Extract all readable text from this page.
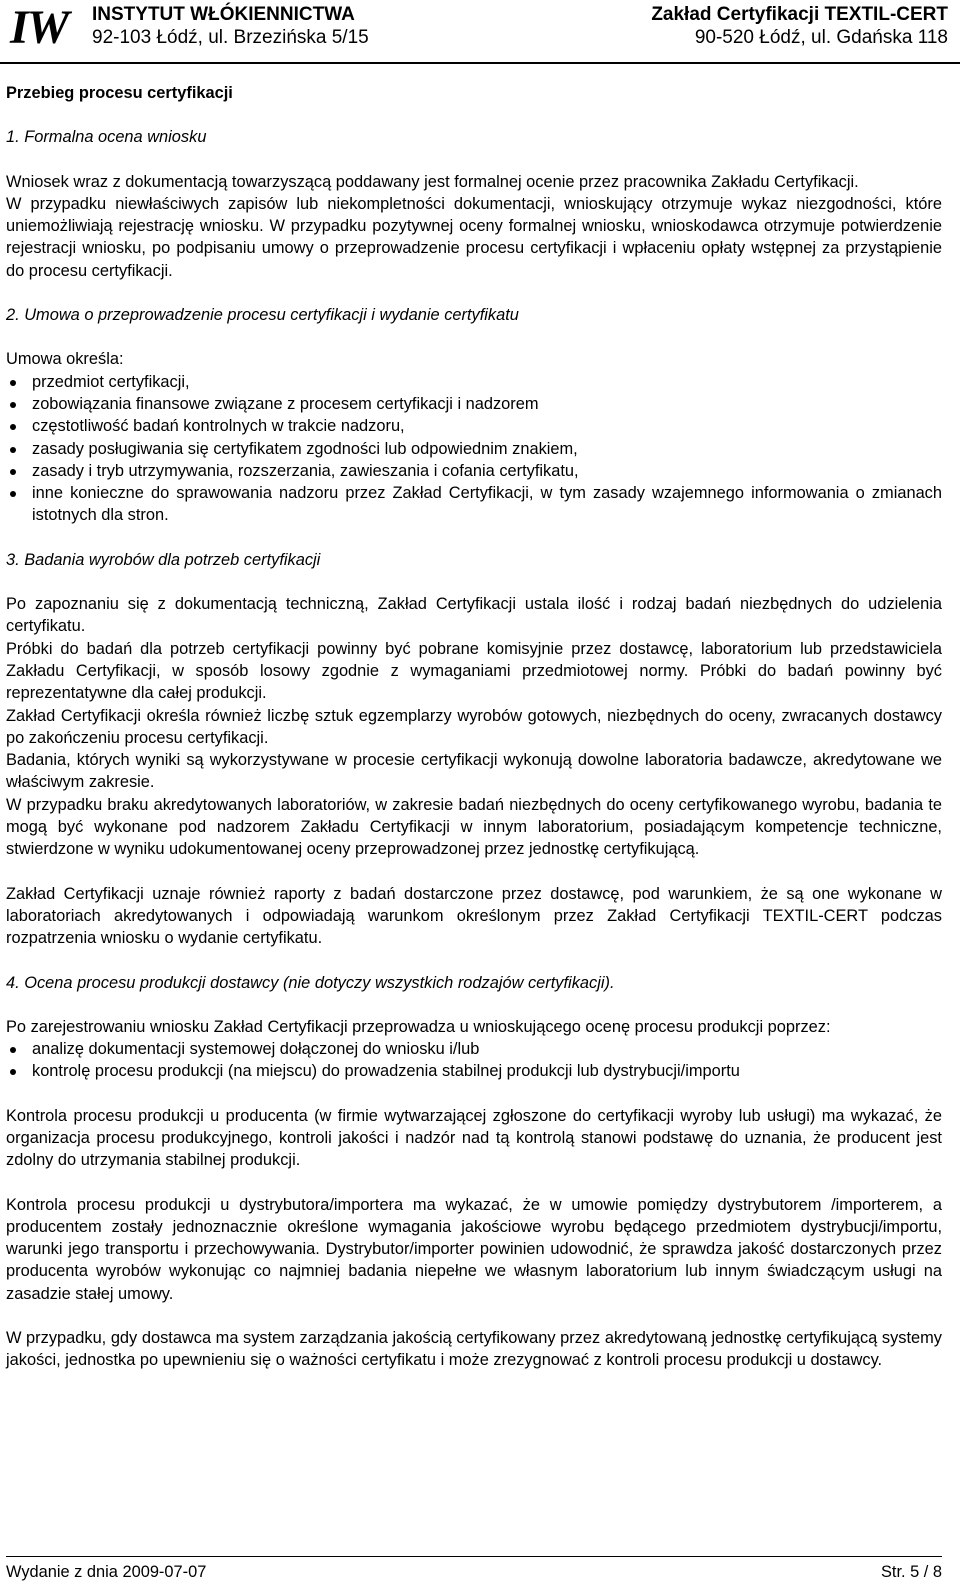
IW INSTYTUT WŁÓKIENNICTWA
92-103 Łódź, ul. Brzezińska 5/15
Zakład Certyfikacji TEXTIL-CERT
90-520 Łódź, ul. Gdańska 118

Przebieg procesu certyfikacji

1. Formalna ocena wniosku

Wniosek wraz z dokumentacją towarzyszącą poddawany jest formalnej ocenie przez pracownika Zakładu Certyfikacji.

W przypadku niewłaściwych zapisów lub niekompletności dokumentacji, wnioskujący otrzymuje wykaz niezgodności, które uniemożliwiają rejestrację wniosku. W przypadku pozytywnej oceny formalnej wniosku, wnioskodawca otrzymuje potwierdzenie rejestracji wniosku, po podpisaniu umowy o przeprowadzenie procesu certyfikacji i wpłaceniu opłaty wstępnej za przystąpienie do procesu certyfikacji.

2. Umowa o przeprowadzenie procesu certyfikacji i wydanie certyfikatu

Umowa określa:

przedmiot certyfikacji,
zobowiązania finansowe związane z procesem certyfikacji i nadzorem
częstotliwość badań kontrolnych w trakcie nadzoru,
zasady posługiwania się certyfikatem zgodności lub odpowiednim znakiem,
zasady i tryb utrzymywania, rozszerzania, zawieszania i cofania certyfikatu,
inne konieczne do sprawowania nadzoru przez Zakład Certyfikacji, w tym zasady wzajemnego informowania o zmianach istotnych dla stron.

3. Badania wyrobów dla potrzeb certyfikacji

Po zapoznaniu się z dokumentacją techniczną, Zakład Certyfikacji ustala ilość i rodzaj badań niezbędnych do udzielenia certyfikatu.

Próbki do badań dla potrzeb certyfikacji powinny być pobrane komisyjnie przez dostawcę, laboratorium lub przedstawiciela Zakładu Certyfikacji, w sposób losowy zgodnie z wymaganiami przedmiotowej normy. Próbki do badań powinny być reprezentatywne dla całej produkcji.

Zakład Certyfikacji określa również liczbę sztuk egzemplarzy wyrobów gotowych, niezbędnych do oceny, zwracanych dostawcy po zakończeniu procesu certyfikacji.

Badania, których wyniki są wykorzystywane w procesie certyfikacji wykonują dowolne laboratoria badawcze, akredytowane we właściwym zakresie.

W przypadku braku akredytowanych laboratoriów, w zakresie badań niezbędnych do oceny certyfikowanego wyrobu, badania te mogą być wykonane pod nadzorem Zakładu Certyfikacji w innym laboratorium, posiadającym kompetencje techniczne, stwierdzone w wyniku udokumentowanej oceny przeprowadzonej przez jednostkę certyfikującą.

Zakład Certyfikacji uznaje również raporty z badań dostarczone przez dostawcę, pod warunkiem, że są one wykonane w laboratoriach akredytowanych i odpowiadają warunkom określonym przez Zakład Certyfikacji TEXTIL-CERT podczas rozpatrzenia wniosku o wydanie certyfikatu.

4. Ocena procesu produkcji dostawcy (nie dotyczy wszystkich rodzajów certyfikacji).

Po zarejestrowaniu wniosku Zakład Certyfikacji przeprowadza u wnioskującego ocenę procesu produkcji poprzez:

analizę dokumentacji systemowej dołączonej do wniosku i/lub
kontrolę procesu produkcji (na miejscu) do prowadzenia stabilnej produkcji lub dystrybucji/importu

Kontrola procesu produkcji u producenta (w firmie wytwarzającej zgłoszone do certyfikacji wyroby lub usługi) ma wykazać, że organizacja procesu produkcyjnego, kontroli jakości i nadzór nad tą kontrolą stanowi podstawę do uznania, że producent jest zdolny do utrzymania stabilnej produkcji.

Kontrola procesu produkcji u dystrybutora/importera ma wykazać, że w umowie pomiędzy dystrybutorem /importerem, a producentem zostały jednoznacznie określone wymagania jakościowe wyrobu będącego przedmiotem dystrybucji/importu, warunki jego transportu i przechowywania. Dystrybutor/importer powinien udowodnić, że sprawdza jakość dostarczonych przez producenta wyrobów wykonując co najmniej badania niepełne we własnym laboratorium lub innym świadczącym usługi na zasadzie stałej umowy.

W przypadku, gdy dostawca ma system zarządzania jakością certyfikowany przez akredytowaną jednostkę certyfikującą systemy jakości, jednostka po upewnieniu się o ważności certyfikatu i może zrezygnować z kontroli procesu produkcji u dostawcy.

Wydanie z dnia 2009-07-07	Str. 5 / 8
